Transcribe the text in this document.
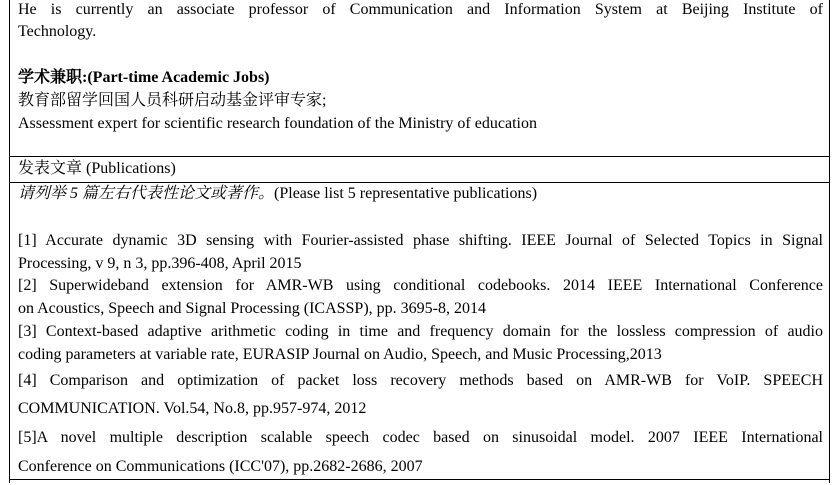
He is currently an associate professor of Communication and Information System at Beijing Institute of
Technology.
学术兼职:(Part-time Academic Jobs)
教育部留学回国人员科研启动基金评审专家;
Assessment expert for scientific research foundation of the Ministry of education
发表文章 (Publications)
请列举 5 篇左右代表性论文或著作。(Please list 5 representative publications)
[1] Accurate dynamic 3D sensing with Fourier-assisted phase shifting. IEEE Journal of Selected Topics in Signal
Processing, v 9, n 3, pp.396-408, April 2015
[2] Superwideband extension for AMR-WB using conditional codebooks. 2014 IEEE International Conference
on Acoustics, Speech and Signal Processing (ICASSP), pp. 3695-8, 2014
[3] Context-based adaptive arithmetic coding in time and frequency domain for the lossless compression of audio
coding parameters at variable rate, EURASIP Journal on Audio, Speech, and Music Processing,2013
[4] Comparison and optimization of packet loss recovery methods based on AMR-WB for VoIP. SPEECH
COMMUNICATION. Vol.54, No.8, pp.957-974, 2012
[5]A novel multiple description scalable speech codec based on sinusoidal model. 2007 IEEE International
Conference on Communications (ICC'07), pp.2682-2686, 2007
